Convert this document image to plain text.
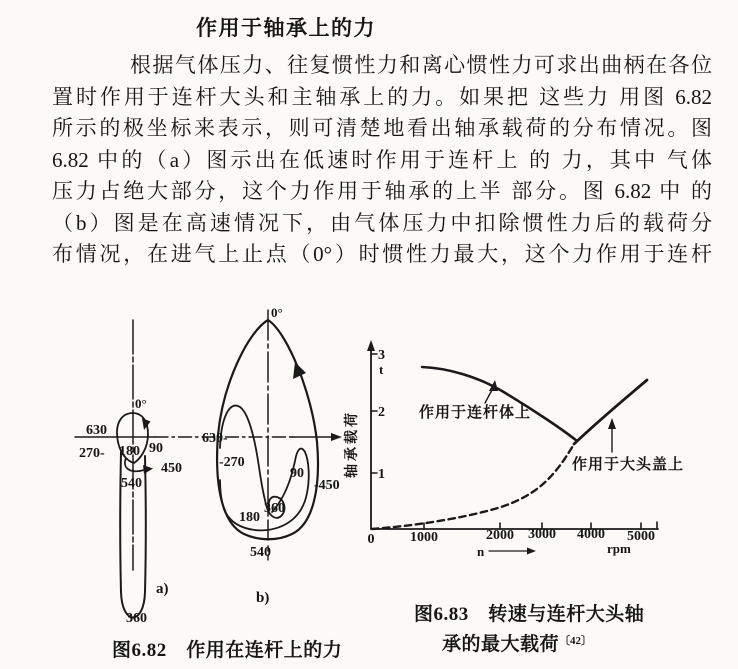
作用于轴承上的力
根据气体压力、往复惯性力和离心惯性力可求出曲柄在各位
置时作用于连杆大头和主轴承上的力。如果把 这些力 用图 6.82
所示的极坐标来表示，则可清楚地看出轴承载荷的分布情况。图
6.82 中的（a）图示出在低速时作用于连杆上 的 力，其中 气体
压力占绝大部分，这个力作用于轴承的上半 部分。图 6.82 中 的
（b）图是在高速情况下，由气体压力中扣除惯性力后的载荷分
布情况，在进气上止点（0°）时惯性力最大，这个力作用于连杆
0°
630
270- 180 90
450
540
360
a)
0°
630-
-270
90
-450
360
180
540
b)
轴承载荷
3
t
2
1
0	1000	2000 3000 4000 5000
rpm
n
作用于连杆体上
作用于大头盖上
图6.82　作用在连杆上的力
图6.83　转速与连杆大头轴
承的最大载荷$^{〔42〕}$
